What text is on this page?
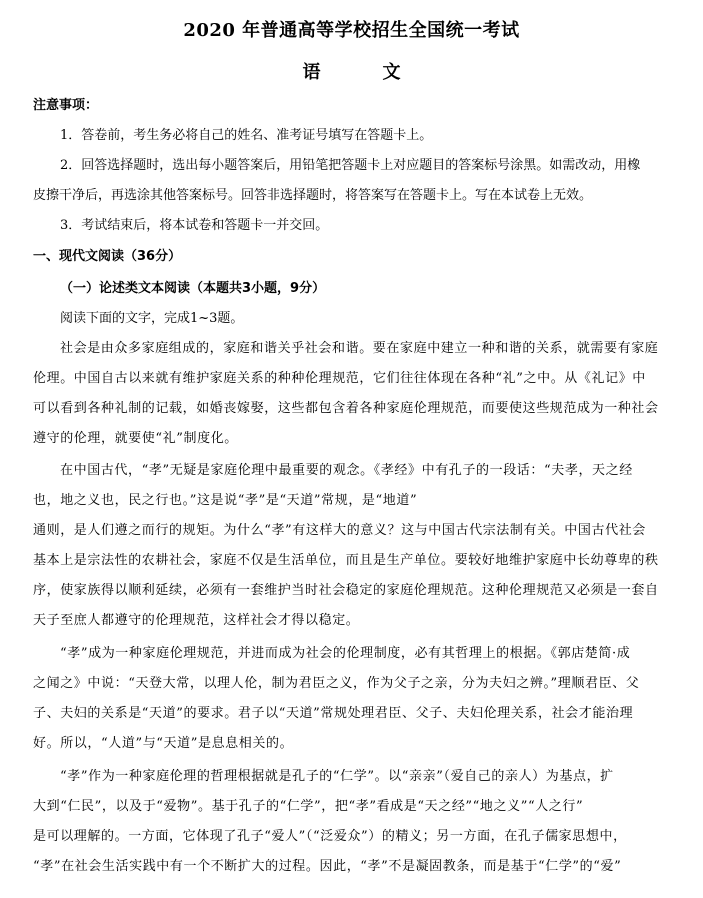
2020 年普通高等学校招生全国统一考试
语　文
注意事项：
1．答卷前，考生务必将自己的姓名、准考证号填写在答题卡上。
2．回答选择题时，选出每小题答案后，用铅笔把答题卡上对应题目的答案标号涂黑。如需改动，用橡
皮擦干净后，再选涂其他答案标号。回答非选择题时，将答案写在答题卡上。写在本试卷上无效。
3．考试结束后，将本试卷和答题卡一并交回。
一、现代文阅读（36分）
（一）论述类文本阅读（本题共3小题，9分）
阅读下面的文字，完成1~3题。
社会是由众多家庭组成的，家庭和谐关乎社会和谐。要在家庭中建立一种和谐的关系，就需要有家庭
伦理。中国自古以来就有维护家庭关系的种种伦理规范，它们往往体现在各种“礼”之中。从《礼记》中
可以看到各种礼制的记载，如婚丧嫁娶，这些都包含着各种家庭伦理规范，而要使这些规范成为一种社会
遵守的伦理，就要使“礼”制度化。
在中国古代，“孝”无疑是家庭伦理中最重要的观念。《孝经》中有孔子的一段话：“夫孝，天之经
也，地之义也，民之行也。”这是说“孝”是“天道”常规，是“地道”
通则，是人们遵之而行的规矩。为什么“孝”有这样大的意义？这与中国古代宗法制有关。中国古代社会
基本上是宗法性的农耕社会，家庭不仅是生活单位，而且是生产单位。要较好地维护家庭中长幼尊卑的秩
序，使家族得以顺利延续，必须有一套维护当时社会稳定的家庭伦理规范。这种伦理规范又必须是一套自
天子至庶人都遵守的伦理规范，这样社会才得以稳定。
“孝”成为一种家庭伦理规范，并进而成为社会的伦理制度，必有其哲理上的根据。《郭店楚简·成
之闻之》中说：“天登大常，以理人伦，制为君臣之义，作为父子之亲，分为夫妇之辨。”理顺君臣、父
子、夫妇的关系是“天道”的要求。君子以“天道”常规处理君臣、父子、夫妇伦理关系，社会才能治理
好。所以，“人道”与“天道”是息息相关的。
“孝”作为一种家庭伦理的哲理根据就是孔子的“仁学”。以“亲亲”（爱自己的亲人）为基点，扩
大到“仁民”，以及于“爱物”。基于孔子的“仁学”，把“孝”看成是“天之经”“地之义”“人之行”
是可以理解的。一方面，它体现了孔子“爱人”（“泛爱众”）的精义；另一方面，在孔子儒家思想中，
“孝”在社会生活实践中有一个不断扩大的过程。因此，“孝”不是凝固教条，而是基于“仁学”的“爱”
